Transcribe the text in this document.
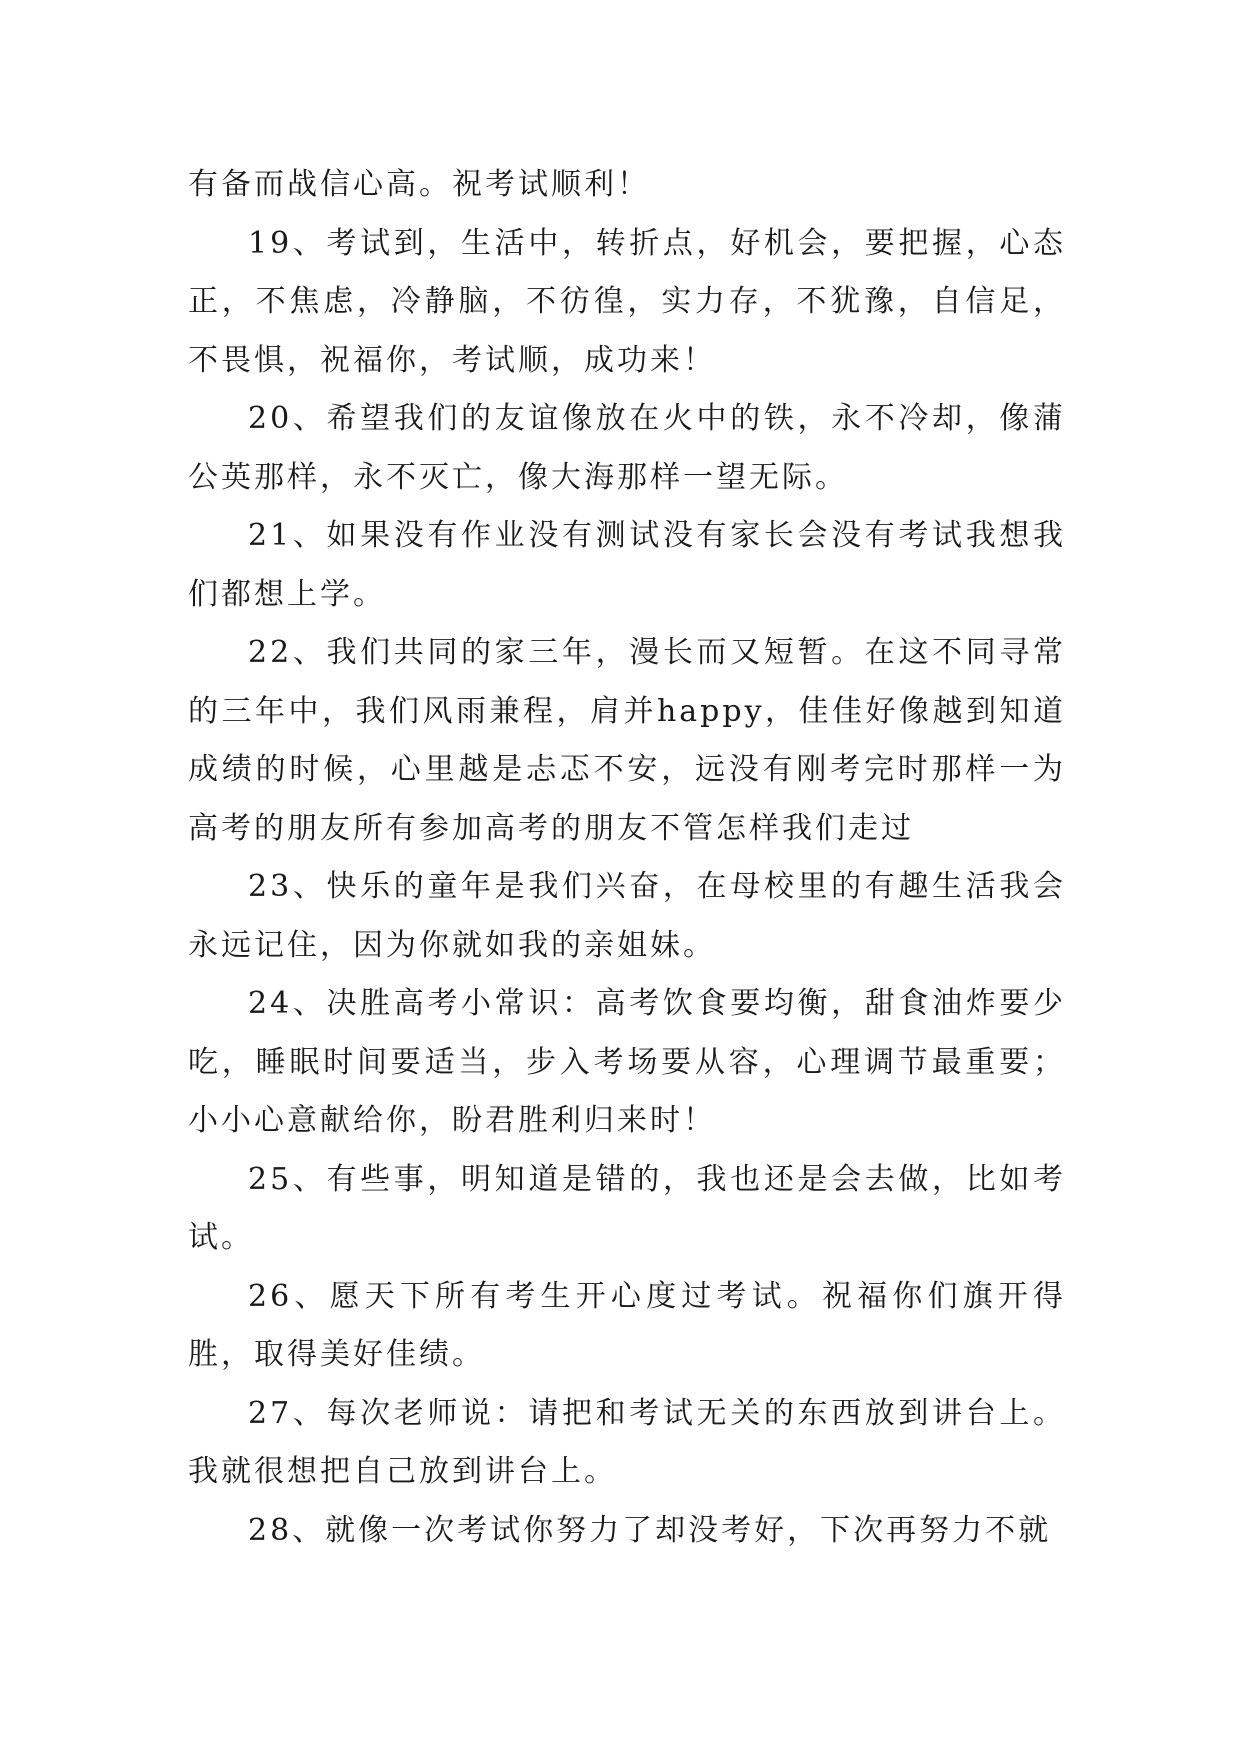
有备而战信心高。祝考试顺利！

19、考试到，生活中，转折点，好机会，要把握，心态正，不焦虑，冷静脑，不彷徨，实力存，不犹豫，自信足，不畏惧，祝福你，考试顺，成功来！

20、希望我们的友谊像放在火中的铁，永不冷却，像蒲公英那样，永不灭亡，像大海那样一望无际。

21、如果没有作业没有测试没有家长会没有考试我想我们都想上学。

22、我们共同的家三年，漫长而又短暂。在这不同寻常的三年中，我们风雨兼程，肩并happy，佳佳好像越到知道成绩的时候，心里越是忐忑不安，远没有刚考完时那样一为高考的朋友所有参加高考的朋友不管怎样我们走过

23、快乐的童年是我们兴奋，在母校里的有趣生活我会永远记住，因为你就如我的亲姐妹。

24、决胜高考小常识：高考饮食要均衡，甜食油炸要少吃，睡眠时间要适当，步入考场要从容，心理调节最重要；小小心意献给你，盼君胜利归来时！

25、有些事，明知道是错的，我也还是会去做，比如考试。

26、愿天下所有考生开心度过考试。祝福你们旗开得胜，取得美好佳绩。

27、每次老师说：请把和考试无关的东西放到讲台上。我就很想把自己放到讲台上。

28、就像一次考试你努力了却没考好，下次再努力不就
